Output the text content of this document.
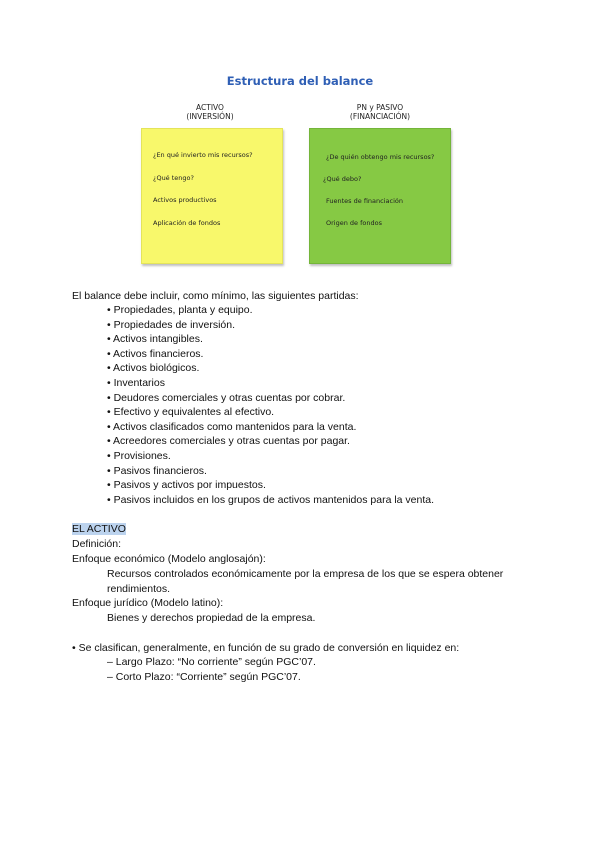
Estructura del balance
ACTIVO
(INVERSIÓN)
PN y PASIVO
(FINANCIACIÓN)
¿En qué invierto mis recursos?
¿Qué tengo?
Activos productivos
Aplicación de fondos
¿De quién obtengo mis recursos?
¿Qué debo?
Fuentes de financiación
Origen de fondos
El balance debe incluir, como mínimo, las siguientes partidas:
• Propiedades, planta y equipo.
• Propiedades de inversión.
• Activos intangibles.
• Activos financieros.
• Activos biológicos.
• Inventarios
• Deudores comerciales y otras cuentas por cobrar.
• Efectivo y equivalentes al efectivo.
• Activos clasificados como mantenidos para la venta.
• Acreedores comerciales y otras cuentas por pagar.
• Provisiones.
• Pasivos financieros.
• Pasivos y activos por impuestos.
• Pasivos incluidos en los grupos de activos mantenidos para la venta.
EL ACTIVO
Definición:
Enfoque económico (Modelo anglosajón):
Recursos controlados económicamente por la empresa de los que se espera obtener
rendimientos.
Enfoque jurídico (Modelo latino):
Bienes y derechos propiedad de la empresa.
• Se clasifican, generalmente, en función de su grado de conversión en liquidez en:
– Largo Plazo: “No corriente” según PGC’07.
– Corto Plazo: “Corriente” según PGC’07.
